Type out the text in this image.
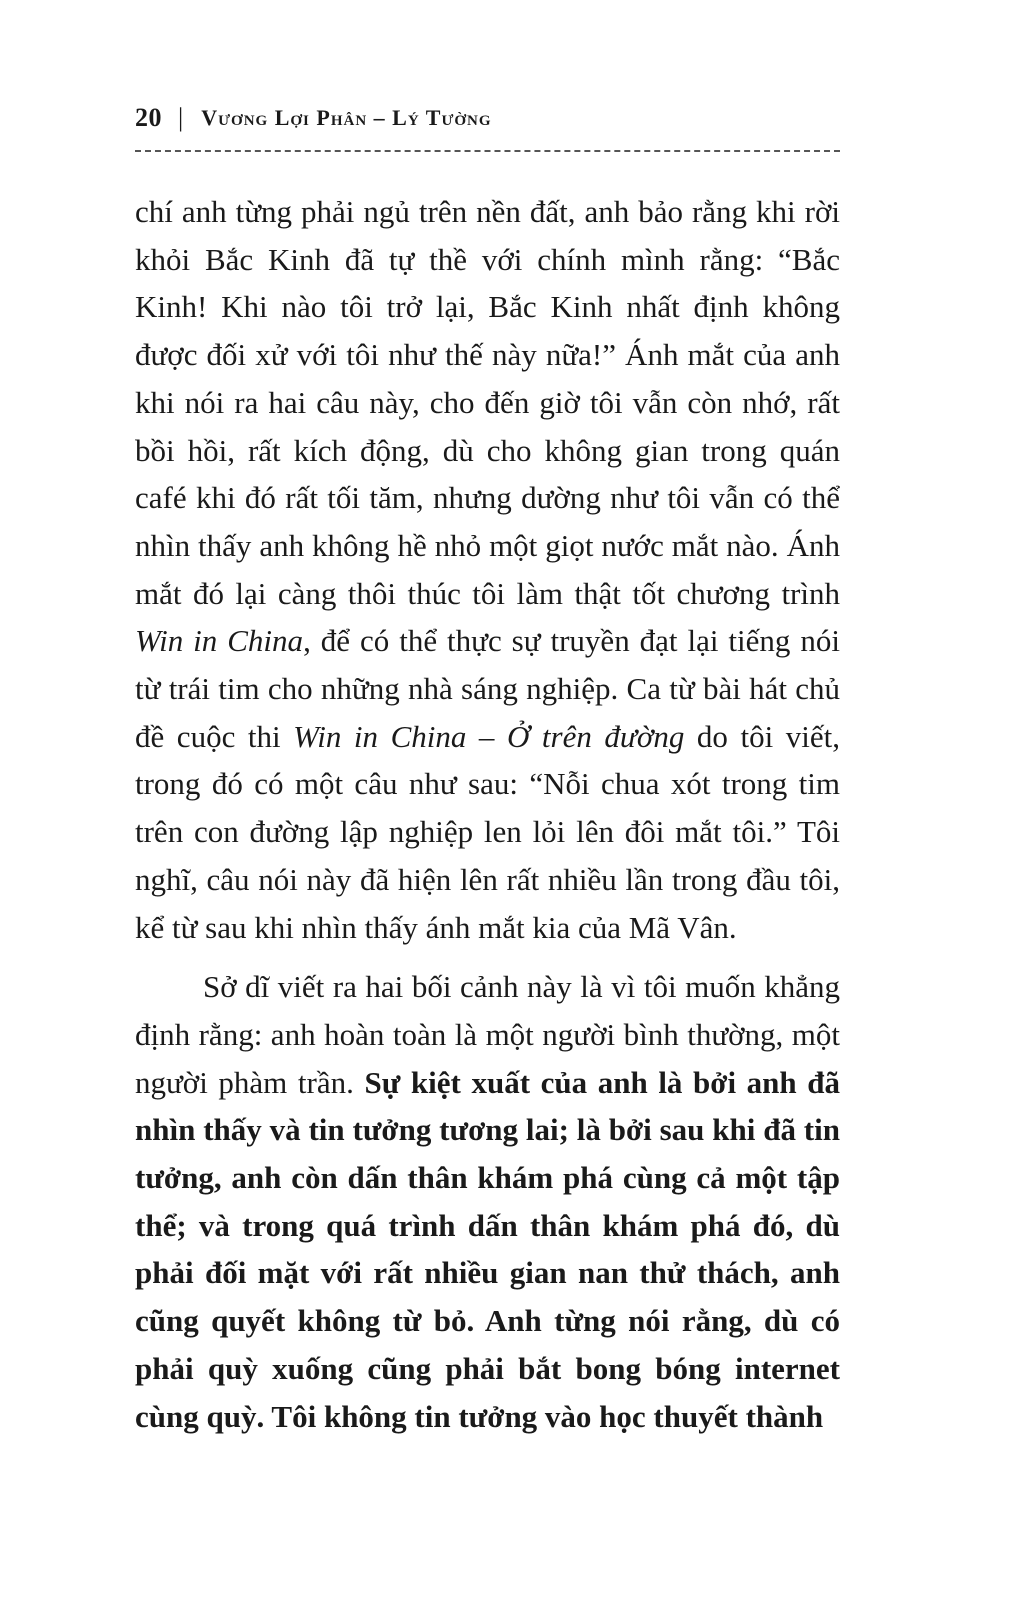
20 | Vương Lợi Phân – Lý Tường

chí anh từng phải ngủ trên nền đất, anh bảo rằng khi rời khỏi Bắc Kinh đã tự thề với chính mình rằng: “Bắc Kinh! Khi nào tôi trở lại, Bắc Kinh nhất định không được đối xử với tôi như thế này nữa!” Ánh mắt của anh khi nói ra hai câu này, cho đến giờ tôi vẫn còn nhớ, rất bồi hồi, rất kích động, dù cho không gian trong quán café khi đó rất tối tăm, nhưng dường như tôi vẫn có thể nhìn thấy anh không hề nhỏ một giọt nước mắt nào. Ánh mắt đó lại càng thôi thúc tôi làm thật tốt chương trình Win in China, để có thể thực sự truyền đạt lại tiếng nói từ trái tim cho những nhà sáng nghiệp. Ca từ bài hát chủ đề cuộc thi Win in China – Ở trên đường do tôi viết, trong đó có một câu như sau: “Nỗi chua xót trong tim trên con đường lập nghiệp len lỏi lên đôi mắt tôi.” Tôi nghĩ, câu nói này đã hiện lên rất nhiều lần trong đầu tôi, kể từ sau khi nhìn thấy ánh mắt kia của Mã Vân.

Sở dĩ viết ra hai bối cảnh này là vì tôi muốn khẳng định rằng: anh hoàn toàn là một người bình thường, một người phàm trần. Sự kiệt xuất của anh là bởi anh đã nhìn thấy và tin tưởng tương lai; là bởi sau khi đã tin tưởng, anh còn dấn thân khám phá cùng cả một tập thể; và trong quá trình dấn thân khám phá đó, dù phải đối mặt với rất nhiều gian nan thử thách, anh cũng quyết không từ bỏ. Anh từng nói rằng, dù có phải quỳ xuống cũng phải bắt bong bóng internet cùng quỳ. Tôi không tin tưởng vào học thuyết thành
